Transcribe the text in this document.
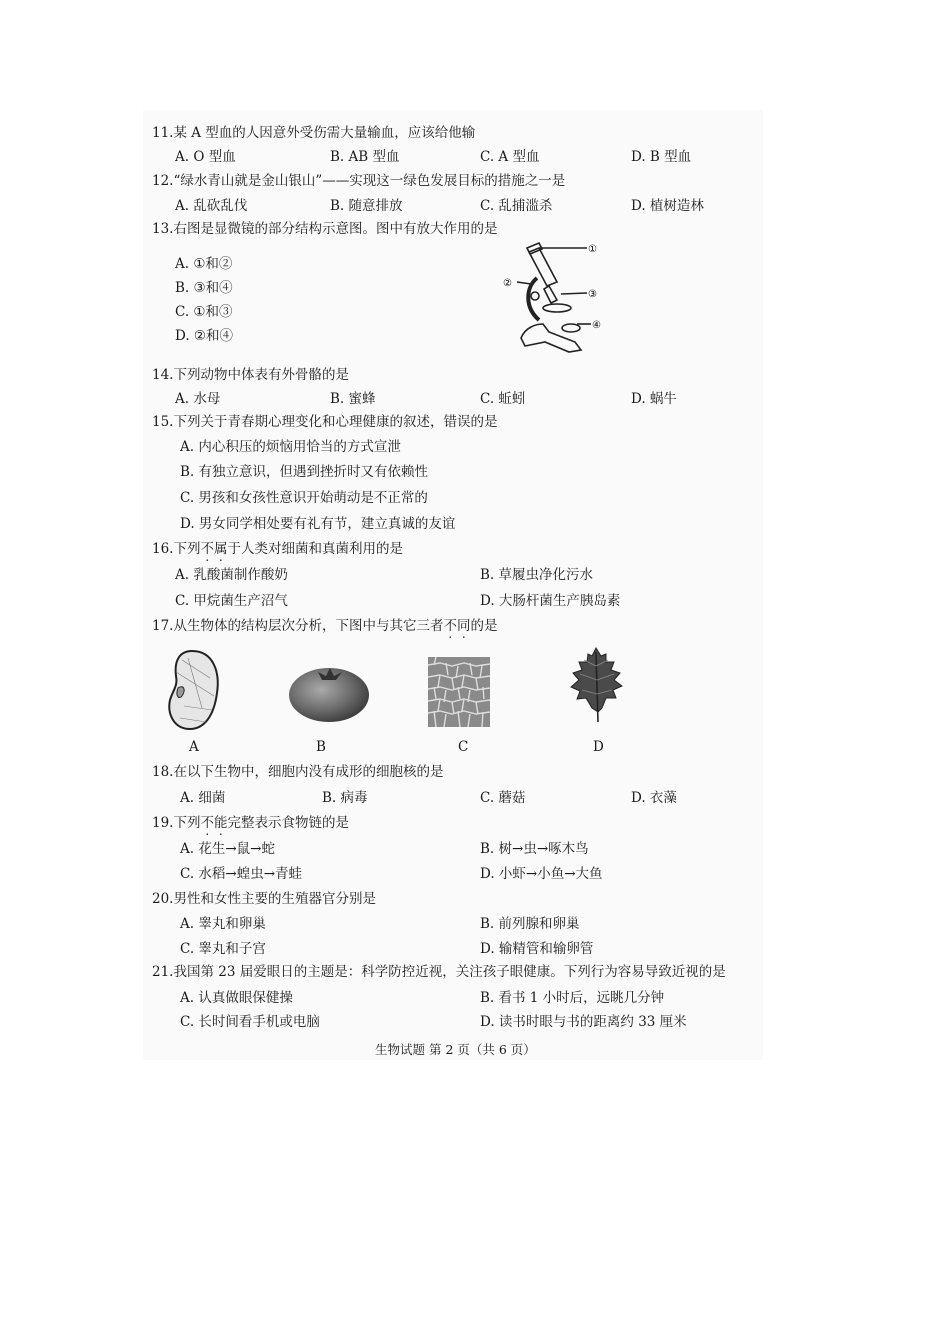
11.某 A 型血的人因意外受伤需大量输血，应该给他输
A. O 型血	B. AB 型血	C. A 型血	D. B 型血
12.“绿水青山就是金山银山”——实现这一绿色发展目标的措施之一是
A. 乱砍乱伐	B. 随意排放	C. 乱捕滥杀	D. 植树造林
13.右图是显微镜的部分结构示意图。图中有放大作用的是
A. ①和②
B. ③和④
C. ①和③
D. ②和④
①
②
③
④
14.下列动物中体表有外骨骼的是
A. 水母	B. 蜜蜂	C. 蚯蚓	D. 蜗牛
15.下列关于青春期心理变化和心理健康的叙述，错误的是
A. 内心积压的烦恼用恰当的方式宣泄
B. 有独立意识，但遇到挫折时又有依赖性
C. 男孩和女孩性意识开始萌动是不正常的
D. 男女同学相处要有礼有节，建立真诚的友谊
16.下列不属于人类对细菌和真菌利用的是
A. 乳酸菌制作酸奶	B. 草履虫净化污水
C. 甲烷菌生产沼气	D. 大肠杆菌生产胰岛素
17.从生物体的结构层次分析，下图中与其它三者不同的是
A	B	C	D
18.在以下生物中，细胞内没有成形的细胞核的是
A. 细菌	B. 病毒	C. 蘑菇	D. 衣藻
19.下列不能完整表示食物链的是
A. 花生→鼠→蛇	B. 树→虫→啄木鸟
C. 水稻→蝗虫→青蛙	D. 小虾→小鱼→大鱼
20.男性和女性主要的生殖器官分别是
A. 睾丸和卵巢	B. 前列腺和卵巢
C. 睾丸和子宫	D. 输精管和输卵管
21.我国第 23 届爱眼日的主题是：科学防控近视，关注孩子眼健康。下列行为容易导致近视的是
A. 认真做眼保健操	B. 看书 1 小时后，远眺几分钟
C. 长时间看手机或电脑	D. 读书时眼与书的距离约 33 厘米
生物试题 第 2 页（共 6 页）
